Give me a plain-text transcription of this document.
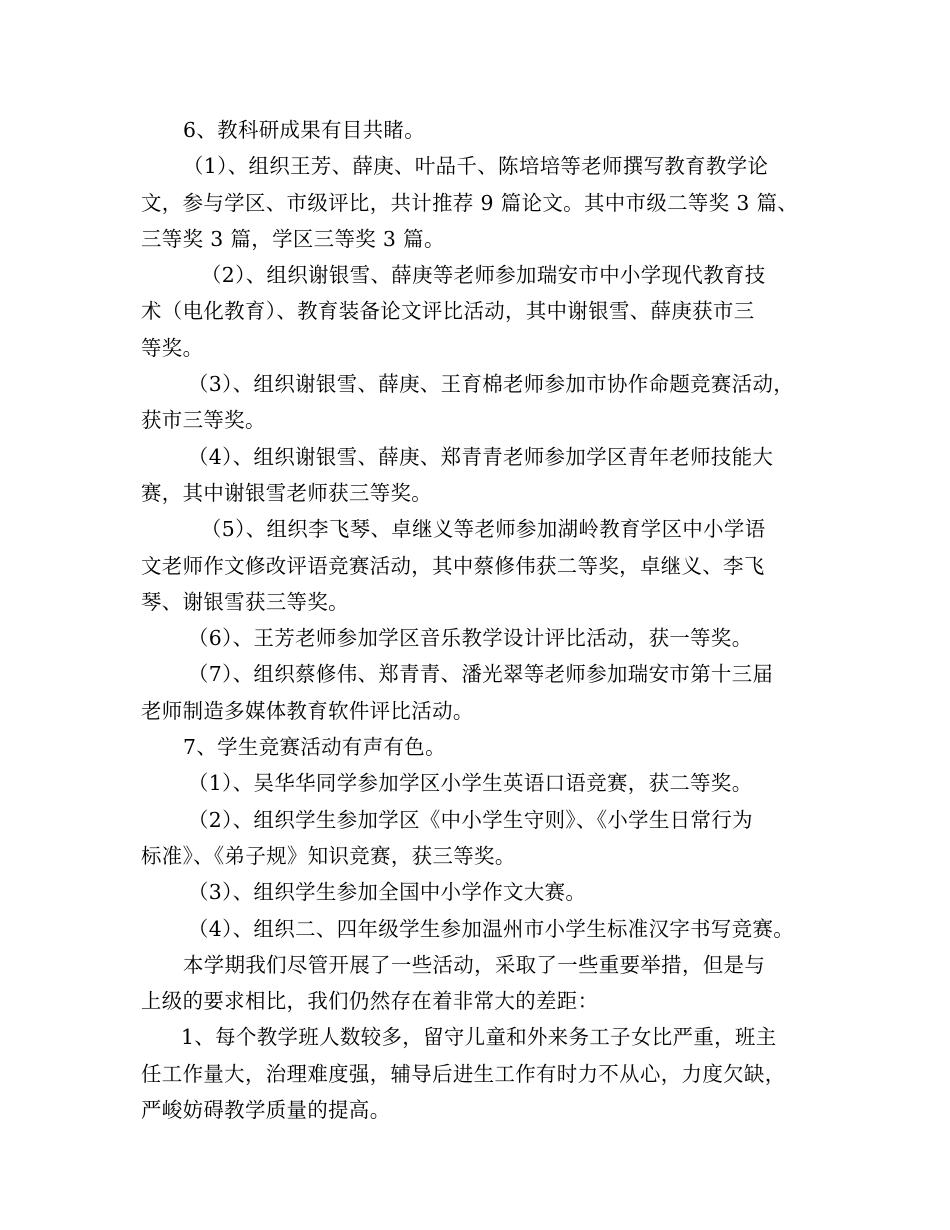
6、教科研成果有目共睹。

（1）、组织王芳、薛庚、叶品千、陈培培等老师撰写教育教学论

文，参与学区、市级评比，共计推荐 9 篇论文。其中市级二等奖 3 篇、

三等奖 3 篇，学区三等奖 3 篇。

（2）、组织谢银雪、薛庚等老师参加瑞安市中小学现代教育技

术（电化教育）、教育装备论文评比活动，其中谢银雪、薛庚获市三

等奖。

（3）、组织谢银雪、薛庚、王育棉老师参加市协作命题竞赛活动，

获市三等奖。

（4）、组织谢银雪、薛庚、郑青青老师参加学区青年老师技能大

赛，其中谢银雪老师获三等奖。

（5）、组织李飞琴、卓继义等老师参加湖岭教育学区中小学语

文老师作文修改评语竞赛活动，其中蔡修伟获二等奖，卓继义、李飞

琴、谢银雪获三等奖。

（6）、王芳老师参加学区音乐教学设计评比活动，获一等奖。

（7）、组织蔡修伟、郑青青、潘光翠等老师参加瑞安市第十三届

老师制造多媒体教育软件评比活动。

7、学生竞赛活动有声有色。

（1）、吴华华同学参加学区小学生英语口语竞赛，获二等奖。

（2）、组织学生参加学区《中小学生守则》、《小学生日常行为

标准》、《弟子规》知识竞赛，获三等奖。

（3）、组织学生参加全国中小学作文大赛。

（4）、组织二、四年级学生参加温州市小学生标准汉字书写竞赛。

本学期我们尽管开展了一些活动，采取了一些重要举措，但是与

上级的要求相比，我们仍然存在着非常大的差距：

1、每个教学班人数较多，留守儿童和外来务工子女比严重，班主

任工作量大，治理难度强，辅导后进生工作有时力不从心，力度欠缺，

严峻妨碍教学质量的提高。
